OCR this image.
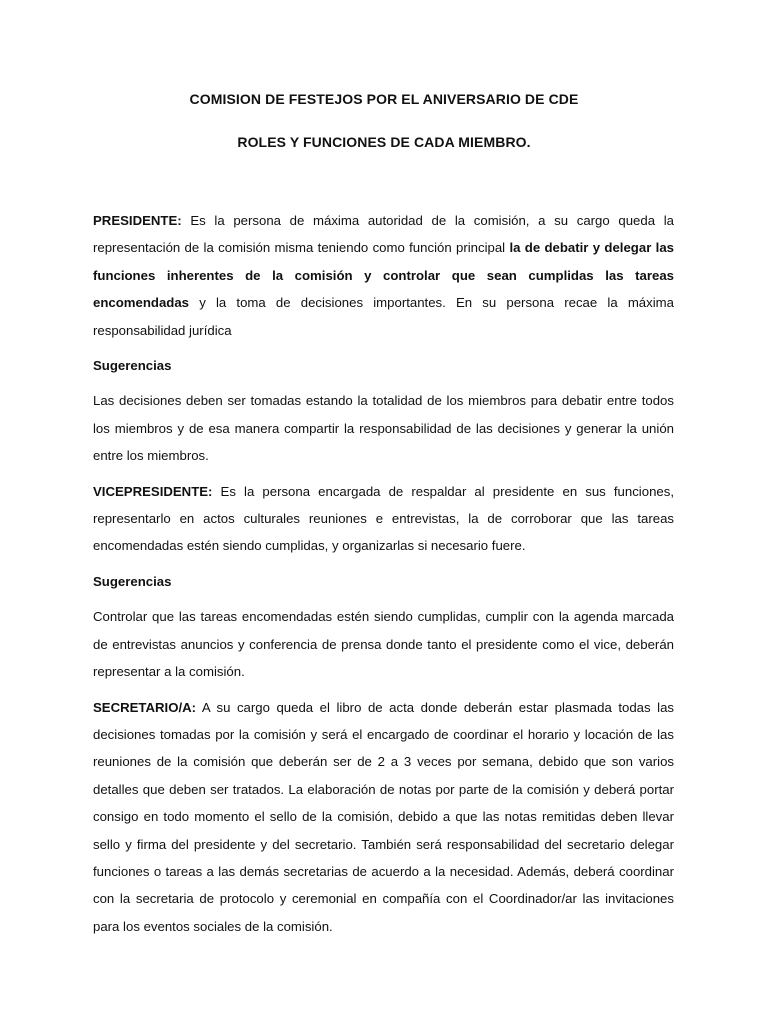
COMISION DE FESTEJOS POR EL ANIVERSARIO DE CDE
ROLES Y FUNCIONES DE CADA MIEMBRO.

PRESIDENTE: Es la persona de máxima autoridad de la comisión, a su cargo queda la representación de la comisión misma teniendo como función principal la de debatir y delegar las funciones inherentes de la comisión y controlar que sean cumplidas las tareas encomendadas y la toma de decisiones importantes. En su persona recae la máxima responsabilidad jurídica

Sugerencias

Las decisiones deben ser tomadas estando la totalidad de los miembros para debatir entre todos los miembros y de esa manera compartir la responsabilidad de las decisiones y generar la unión entre los miembros.

VICEPRESIDENTE: Es la persona encargada de respaldar al presidente en sus funciones, representarlo en actos culturales reuniones e entrevistas, la de corroborar que las tareas encomendadas estén siendo cumplidas, y organizarlas si necesario fuere.

Sugerencias

Controlar que las tareas encomendadas estén siendo cumplidas, cumplir con la agenda marcada de entrevistas anuncios y conferencia de prensa donde tanto el presidente como el vice, deberán representar a la comisión.

SECRETARIO/A: A su cargo queda el libro de acta donde deberán estar plasmada todas las decisiones tomadas por la comisión y será el encargado de coordinar el horario y locación de las reuniones de la comisión que deberán ser de 2 a 3 veces por semana, debido que son varios detalles que deben ser tratados. La elaboración de notas por parte de la comisión y deberá portar consigo en todo momento el sello de la comisión, debido a que las notas remitidas deben llevar sello y firma del presidente y del secretario. También será responsabilidad del secretario delegar funciones o tareas a las demás secretarias de acuerdo a la necesidad. Además, deberá coordinar con la secretaria de protocolo y ceremonial en compañía con el Coordinador/ar las invitaciones para los eventos sociales de la comisión.
